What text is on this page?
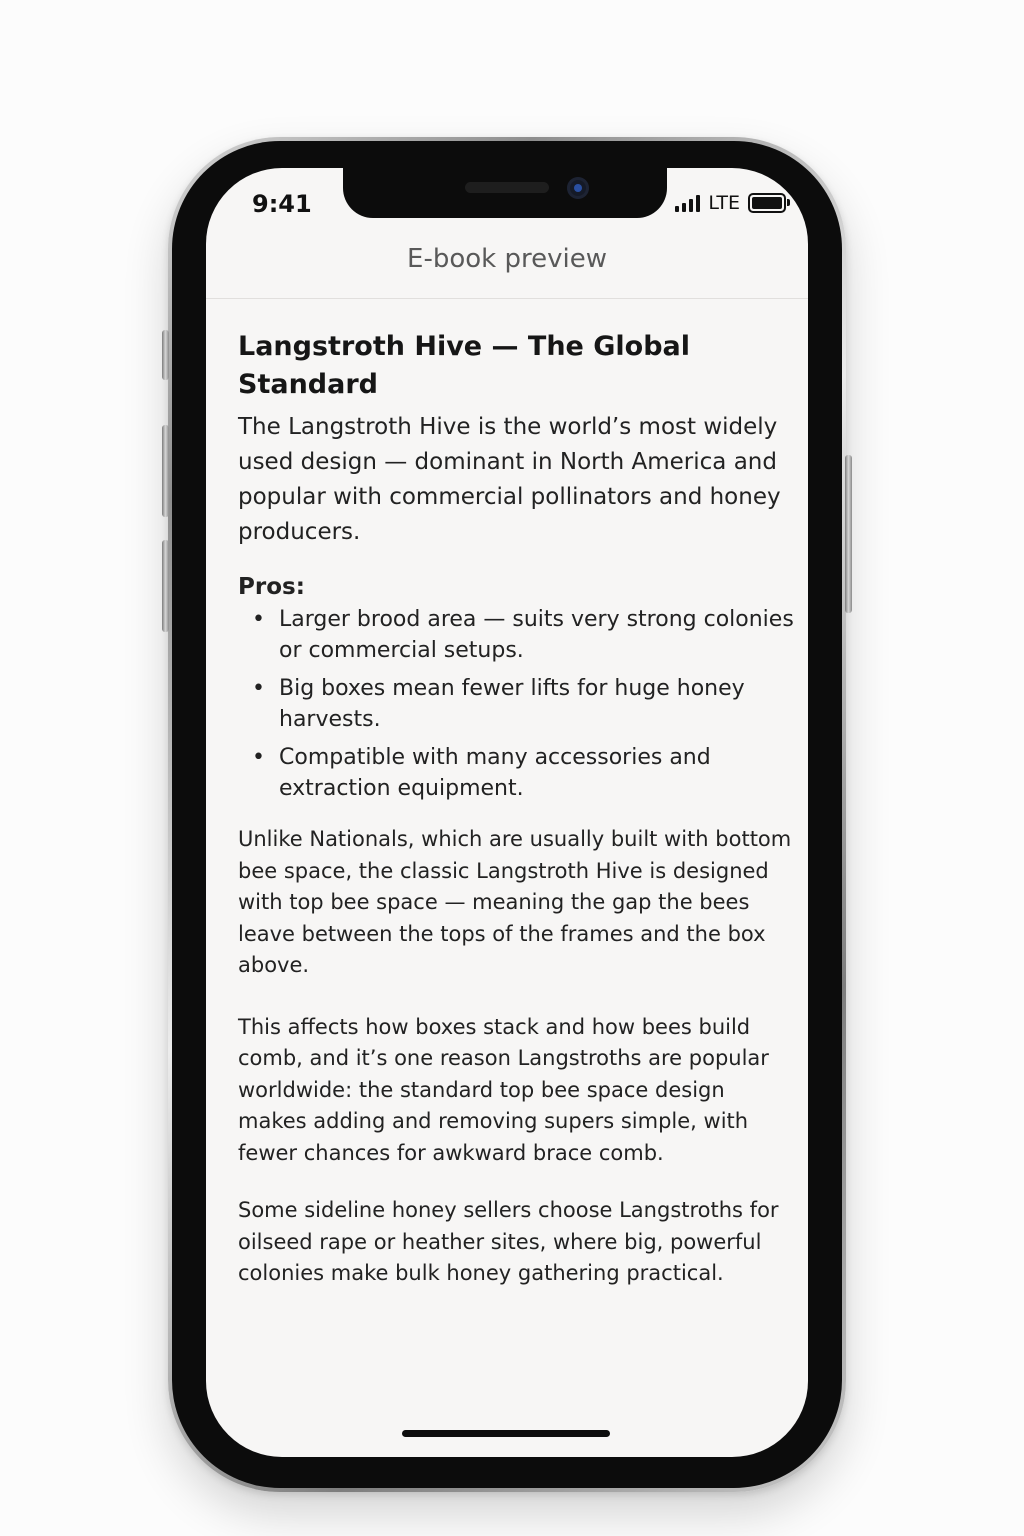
9:41	LTE
E-book preview
Langstroth Hive — The Global Standard

The Langstroth Hive is the world’s most widely used design — dominant in North America and popular with commercial pollinators and honey producers.

Pros:
• Larger brood area — suits very strong colonies or commercial setups.
• Big boxes mean fewer lifts for huge honey harvests.
• Compatible with many accessories and extraction equipment.

Unlike Nationals, which are usually built with bottom bee space, the classic Langstroth Hive is designed with top bee space — meaning the gap the bees leave between the tops of the frames and the box above.

This affects how boxes stack and how bees build comb, and it’s one reason Langstroths are popular worldwide: the standard top bee space design makes adding and removing supers simple, with fewer chances for awkward brace comb.

Some sideline honey sellers choose Langstroths for oilseed rape or heather sites, where big, powerful colonies make bulk honey gathering practical.
